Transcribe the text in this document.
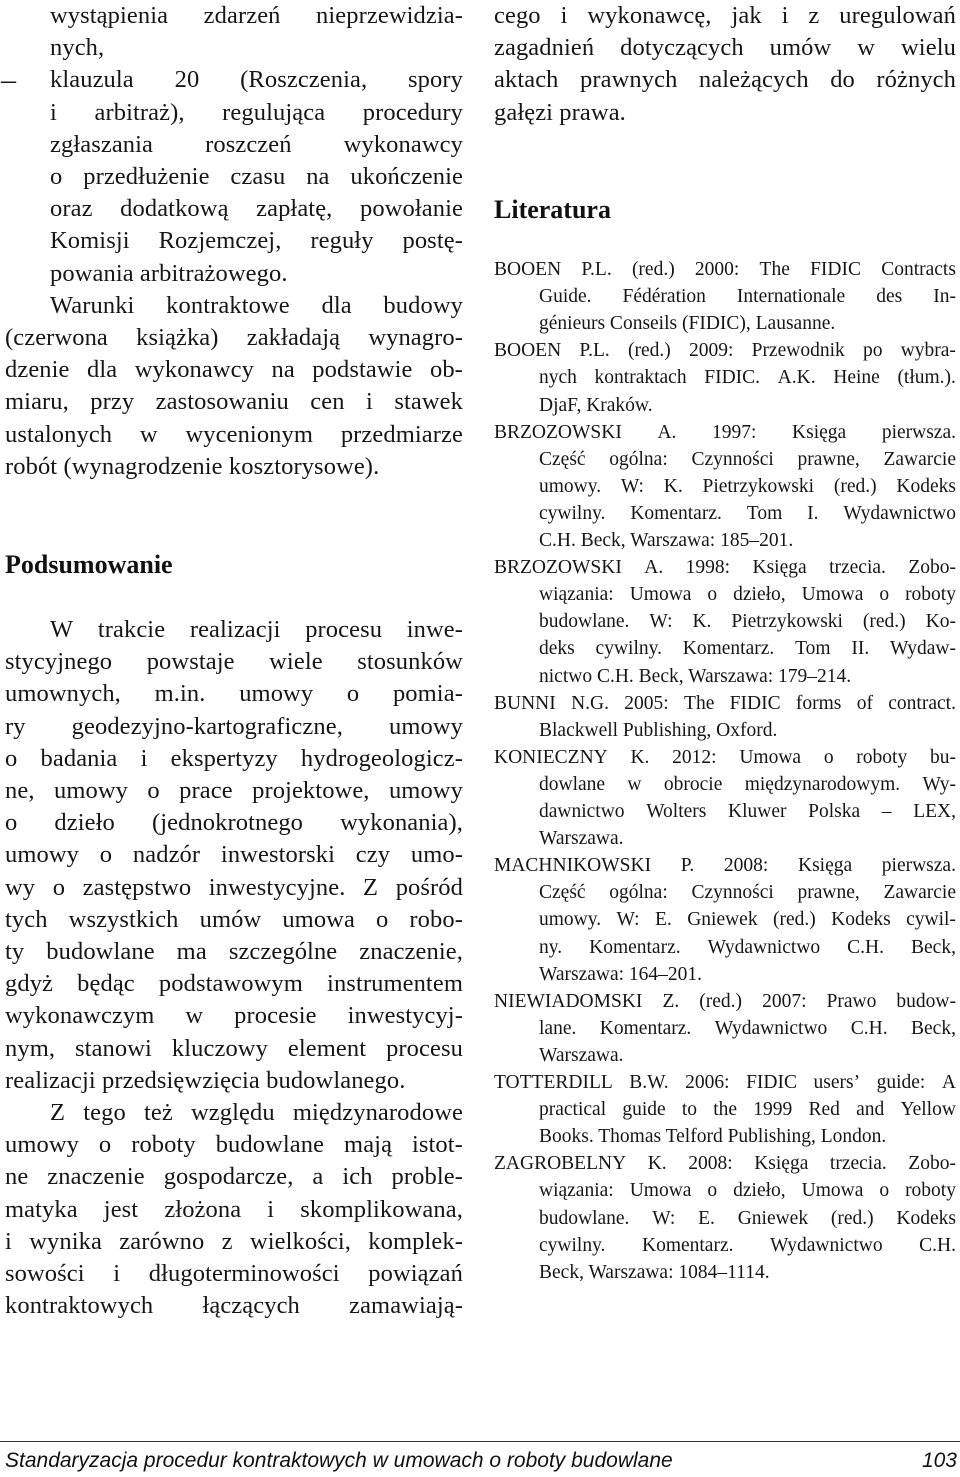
wystąpienia zdarzeń nieprzewidzia-
nych,
– klauzula 20 (Roszczenia, spory
i arbitraż), regulująca procedury
zgłaszania roszczeń wykonawcy
o przedłużenie czasu na ukończenie
oraz dodatkową zapłatę, powołanie
Komisji Rozjemczej, reguły postę-
powania arbitrażowego.
Warunki kontraktowe dla budowy
(czerwona książka) zakładają wynagro-
dzenie dla wykonawcy na podstawie ob-
miaru, przy zastosowaniu cen i stawek
ustalonych w wycenionym przedmiarze
robót (wynagrodzenie kosztorysowe).
Podsumowanie
W trakcie realizacji procesu inwe-
stycyjnego powstaje wiele stosunków
umownych, m.in. umowy o pomia-
ry geodezyjno-kartograficzne, umowy
o badania i ekspertyzy hydrogeologicz-
ne, umowy o prace projektowe, umowy
o dzieło (jednokrotnego wykonania),
umowy o nadzór inwestorski czy umo-
wy o zastępstwo inwestycyjne. Z pośród
tych wszystkich umów umowa o robo-
ty budowlane ma szczególne znaczenie,
gdyż będąc podstawowym instrumentem
wykonawczym w procesie inwestycyj-
nym, stanowi kluczowy element procesu
realizacji przedsięwzięcia budowlanego.
Z tego też względu międzynarodowe
umowy o roboty budowlane mają istot-
ne znaczenie gospodarcze, a ich proble-
matyka jest złożona i skomplikowana,
i wynika zarówno z wielkości, komplek-
sowości i długoterminowości powiązań
kontraktowych łączących zamawiają-
cego i wykonawcę, jak i z uregulowań
zagadnień dotyczących umów w wielu
aktach prawnych należących do różnych
gałęzi prawa.
Literatura
BOOEN P.L. (red.) 2000: The FIDIC Contracts
Guide. Fédération Internationale des In-
génieurs Conseils (FIDIC), Lausanne.
BOOEN P.L. (red.) 2009: Przewodnik po wybra-
nych kontraktach FIDIC. A.K. Heine (tłum.).
DjaF, Kraków.
BRZOZOWSKI A. 1997: Księga pierwsza.
Część ogólna: Czynności prawne, Zawarcie
umowy. W: K. Pietrzykowski (red.) Kodeks
cywilny. Komentarz. Tom I. Wydawnictwo
C.H. Beck, Warszawa: 185–201.
BRZOZOWSKI A. 1998: Księga trzecia. Zobo-
wiązania: Umowa o dzieło, Umowa o roboty
budowlane. W: K. Pietrzykowski (red.) Ko-
deks cywilny. Komentarz. Tom II. Wydaw-
nictwo C.H. Beck, Warszawa: 179–214.
BUNNI N.G. 2005: The FIDIC forms of contract.
Blackwell Publishing, Oxford.
KONIECZNY K. 2012: Umowa o roboty bu-
dowlane w obrocie międzynarodowym. Wy-
dawnictwo Wolters Kluwer Polska – LEX,
Warszawa.
MACHNIKOWSKI P. 2008: Księga pierwsza.
Część ogólna: Czynności prawne, Zawarcie
umowy. W: E. Gniewek (red.) Kodeks cywil-
ny. Komentarz. Wydawnictwo C.H. Beck,
Warszawa: 164–201.
NIEWIADOMSKI Z. (red.) 2007: Prawo budow-
lane. Komentarz. Wydawnictwo C.H. Beck,
Warszawa.
TOTTERDILL B.W. 2006: FIDIC users’ guide: A
practical guide to the 1999 Red and Yellow
Books. Thomas Telford Publishing, London.
ZAGROBELNY K. 2008: Księga trzecia. Zobo-
wiązania: Umowa o dzieło, Umowa o roboty
budowlane. W: E. Gniewek (red.) Kodeks
cywilny. Komentarz. Wydawnictwo C.H.
Beck, Warszawa: 1084–1114.
Standaryzacja procedur kontraktowych w umowach o roboty budowlane	103
